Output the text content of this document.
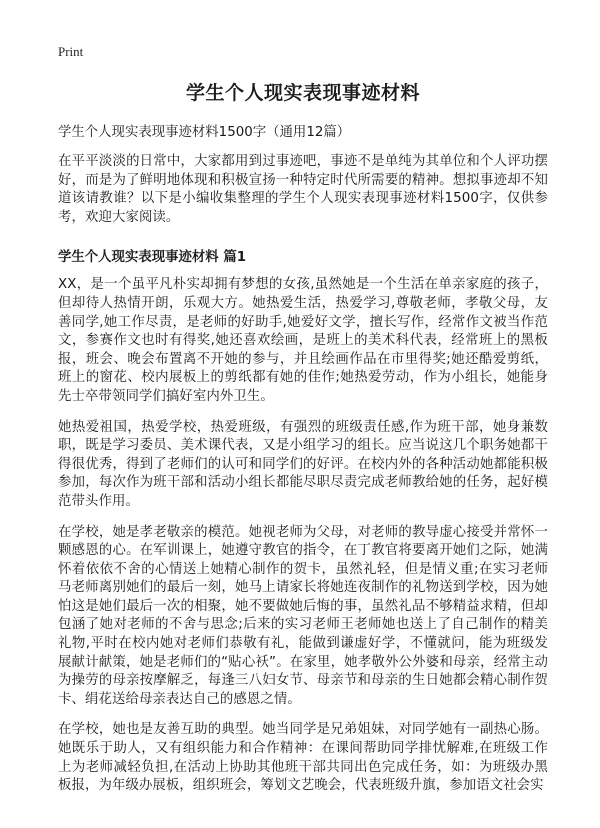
Print
学生个人现实表现事迹材料
学生个人现实表现事迹材料1500字（通用12篇）

在平平淡淡的日常中，大家都用到过事迹吧，事迹不是单纯为其单位和个人评功摆好，而是为了鲜明地体现和积极宣扬一种特定时代所需要的精神。想拟事迹却不知道该请教谁？以下是小编收集整理的学生个人现实表现事迹材料1500字，仅供参考，欢迎大家阅读。

学生个人现实表现事迹材料 篇1

XX，是一个虽平凡朴实却拥有梦想的女孩,虽然她是一个生活在单亲家庭的孩子，但却待人热情开朗，乐观大方。她热爱生活，热爱学习,尊敬老师，孝敬父母，友善同学,她工作尽责，是老师的好助手,她爱好文学，擅长写作，经常作文被当作范文，参赛作文也时有得奖,她还喜欢绘画，是班上的美术科代表，经常班上的黑板报，班会、晚会布置离不开她的参与，并且绘画作品在市里得奖;她还酷爱剪纸，班上的窗花、校内展板上的剪纸都有她的佳作;她热爱劳动，作为小组长，她能身先士卒带领同学们搞好室内外卫生。

她热爱祖国，热爱学校，热爱班级，有强烈的班级责任感,作为班干部，她身兼数职，既是学习委员、美术课代表，又是小组学习的组长。应当说这几个职务她都干得很优秀，得到了老师们的认可和同学们的好评。在校内外的各种活动她都能积极参加，每次作为班干部和活动小组长都能尽职尽责完成老师教给她的任务，起好模范带头作用。

在学校，她是孝老敬亲的模范。她视老师为父母，对老师的教导虚心接受并常怀一颗感恩的心。在军训课上，她遵守教官的指令，在丁教官将要离开她们之际，她满怀着依依不舍的心情送上她精心制作的贺卡，虽然礼轻，但是情义重;在实习老师马老师离别她们的最后一刻，她马上请家长将她连夜制作的礼物送到学校，因为她怕这是她们最后一次的相聚，她不要做她后悔的事，虽然礼品不够精益求精，但却包涵了她对老师的不舍与思念;后来的实习老师王老师她也送上了自己制作的精美礼物,平时在校内她对老师们恭敬有礼，能做到谦虚好学，不懂就问，能为班级发展献计献策，她是老师们的“贴心袄”。在家里，她孝敬外公外婆和母亲，经常主动为操劳的母亲按摩解乏，每逢三八妇女节、母亲节和母亲的生日她都会精心制作贺卡、绢花送给母亲表达自己的感恩之情。

在学校，她也是友善互助的典型。她当同学是兄弟姐妹，对同学她有一副热心肠。她既乐于助人，又有组织能力和合作精神：在课间帮助同学排忧解难,在班级工作上为老师减轻负担,在活动上协助其他班干部共同出色完成任务，如：为班级办黑板报，为年级办展板，组织班会，筹划文艺晚会，代表班级升旗，参加语文社会实
